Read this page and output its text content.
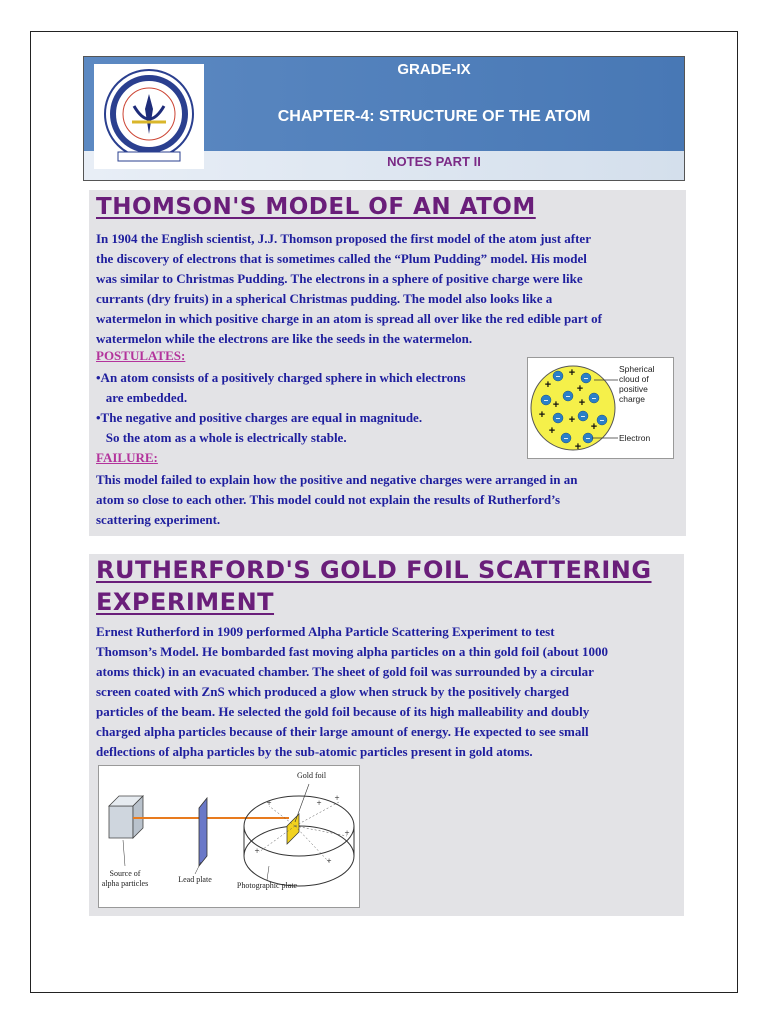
GRADE-IX
CHAPTER-4: STRUCTURE OF THE ATOM
NOTES PART II
THOMSON'S MODEL OF AN ATOM
In 1904 the English scientist, J.J. Thomson proposed the first model of the atom just after
the discovery of electrons that is sometimes called the “Plum Pudding” model. His model
was similar to Christmas Pudding. The electrons in a sphere of positive charge were like
currants (dry fruits) in a spherical Christmas pudding. The model also looks like a
watermelon in which positive charge in an atom is spread all over like the red edible part of
watermelon while the electrons are like the seeds in the watermelon.
POSTULATES:
•An atom consists of a positively charged sphere in which electrons
are embedded.
•The negative and positive charges are equal in magnitude.
So the atom as a whole is electrically stable.
FAILURE:
This model failed to explain how the positive and negative charges were arranged in an
atom so close to each other. This model could not explain the results of Rutherford’s
scattering experiment.
–	–
– –	–
–	– –
– –
+
+ +
+ +
+ +
+
+
+
Spherical
cloud of
positive
charge
Electron
RUTHERFORD'S GOLD FOIL SCATTERING
EXPERIMENT
Ernest Rutherford in 1909 performed Alpha Particle Scattering Experiment to test
Thomson’s Model. He bombarded fast moving alpha particles on a thin gold foil (about 1000
atoms thick) in an evacuated chamber. The sheet of gold foil was surrounded by a circular
screen coated with ZnS which produced a glow when struck by the positively charged
particles of the beam. He selected the gold foil because of its high malleability and doubly
charged alpha particles because of their large amount of energy. He expected to see small
deflections of alpha particles by the sub-atomic particles present in gold atoms.
+
+
+
+
+
+
Gold foil
Source of
alpha particles	Lead plate
Photographic plate
